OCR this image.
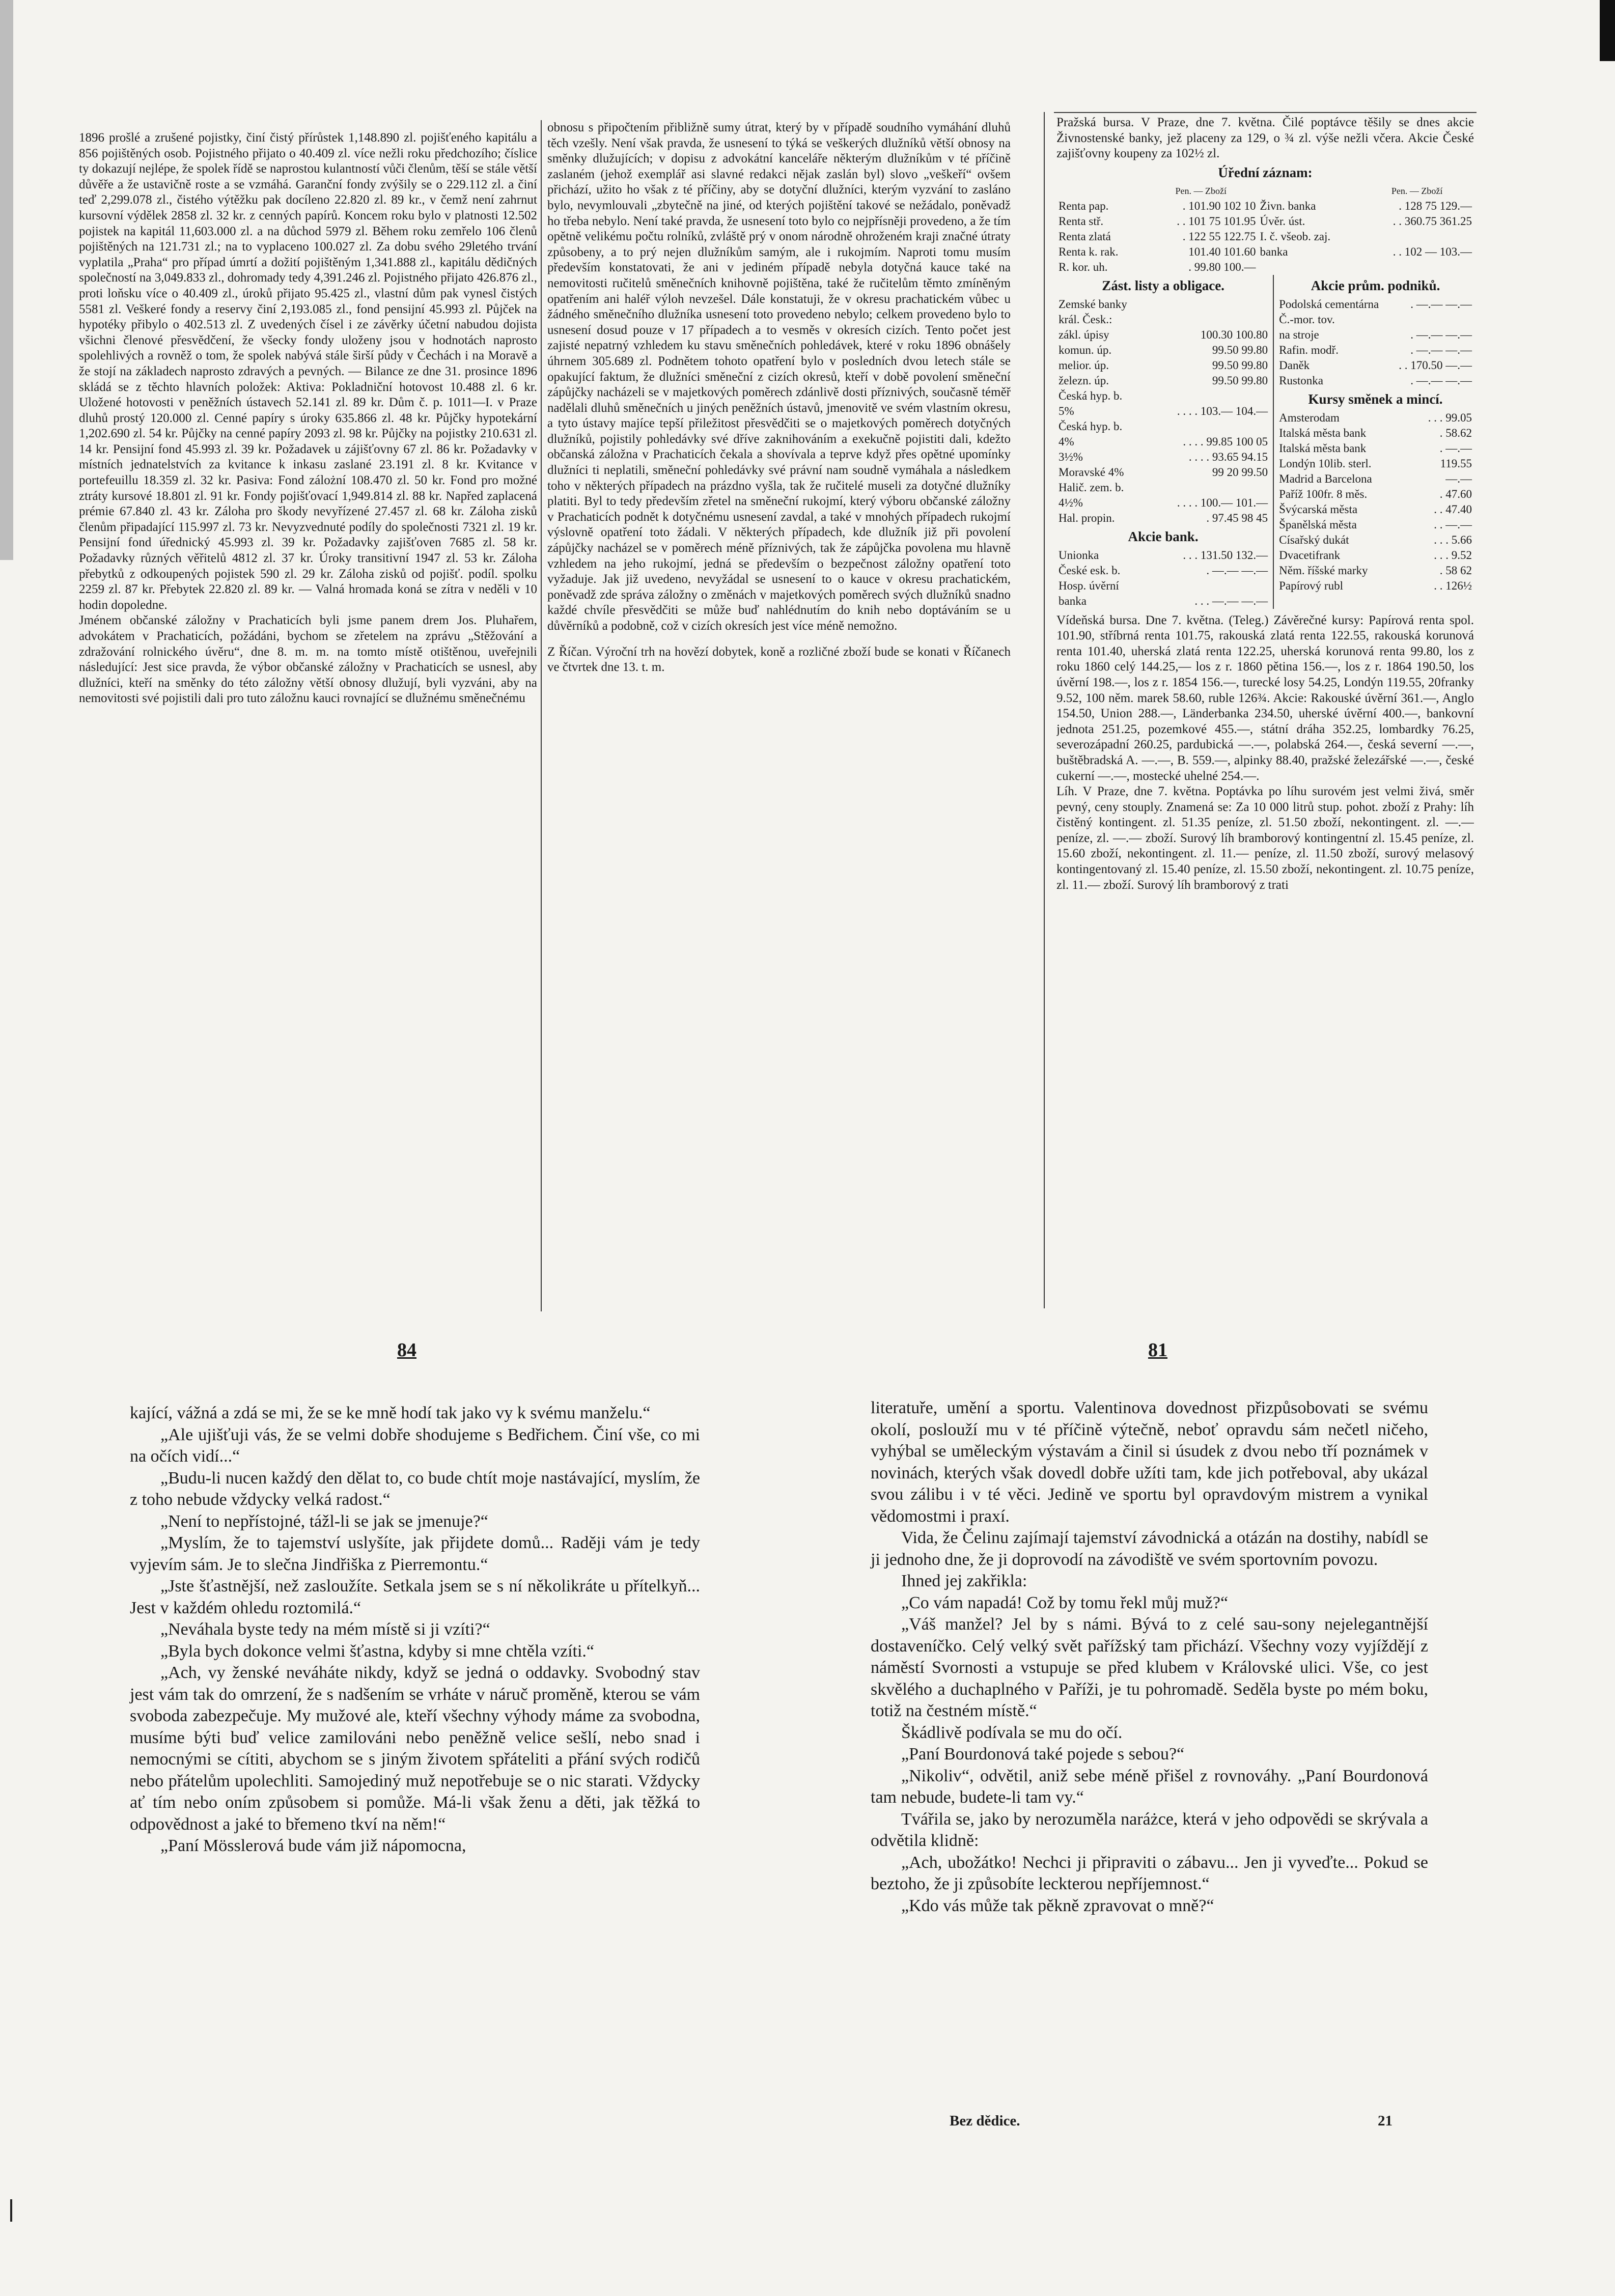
1896 prošlé a zrušené pojistky, činí čistý přírůstek 1,148.890 zl. pojišťeného kapitálu a 856 pojištěných osob. Pojistného přijato o 40.409 zl. více nežli roku předchozího; číslice ty dokazují nejlépe, že spolek řídě se naprostou kulantností vůči členům, těší se stále větší důvěře a že ustavičně roste a se vzmáhá. Garanční fondy zvýšily se o 229.112 zl. a činí teď 2,299.078 zl., čistého výtěžku pak docíleno 22.820 zl. 89 kr., v čemž není zahrnut kursovní výdělek 2858 zl. 32 kr. z cenných papírů. Koncem roku bylo v platnosti 12.502 pojistek na kapitál 11,603.000 zl. a na důchod 5979 zl. Během roku zemřelo 106 členů pojištěných na 121.731 zl.; na to vyplaceno 100.027 zl. Za dobu svého 29letého trvání vyplatila „Praha“ pro případ úmrtí a dožití pojištěným 1,341.888 zl., kapitálu dědičných společností na 3,049.833 zl., dohromady tedy 4,391.246 zl. Pojistného přijato 426.876 zl., proti loňsku více o 40.409 zl., úroků přijato 95.425 zl., vlastní dům pak vynesl čistých 5581 zl. Veškeré fondy a reservy činí 2,193.085 zl., fond pensijní 45.993 zl. Půjček na hypotéky přibylo o 402.513 zl. Z uvedených čísel i ze závěrky účetní nabudou dojista všichni členové přesvědčení, že všecky fondy uloženy jsou v hodnotách naprosto spolehlivých a rovněž o tom, že spolek nabývá stále širší půdy v Čechách i na Moravě a že stojí na základech naprosto zdravých a pevných. — Bilance ze dne 31. prosince 1896 skládá se z těchto hlavních položek: Aktiva: Pokladniční hotovost 10.488 zl. 6 kr. Uložené hotovosti v peněžních ústavech 52.141 zl. 89 kr. Dům č. p. 1011—I. v Praze dluhů prostý 120.000 zl. Cenné papíry s úroky 635.866 zl. 48 kr. Půjčky hypotekární 1,202.690 zl. 54 kr. Půjčky na cenné papíry 2093 zl. 98 kr. Půjčky na pojistky 210.631 zl. 14 kr. Pensijní fond 45.993 zl. 39 kr. Požadavek u zájišťovny 67 zl. 86 kr. Požadavky v místních jednatelstvích za kvitance k inkasu zaslané 23.191 zl. 8 kr. Kvitance v portefeuillu 18.359 zl. 32 kr. Pasiva: Fond zálożní 108.470 zl. 50 kr. Fond pro možné ztráty kursové 18.801 zl. 91 kr. Fondy pojišťovací 1,949.814 zl. 88 kr. Napřed zaplacená prémie 67.840 zl. 43 kr. Záloha pro škody nevyřízené 27.457 zl. 68 kr. Záloha zisků členům připadající 115.997 zl. 73 kr. Nevyzvednuté podíly do společnosti 7321 zl. 19 kr. Pensijní fond úřednický 45.993 zl. 39 kr. Požadavky zajišťoven 7685 zl. 58 kr. Požadavky různých věřitelů 4812 zl. 37 kr. Úroky transitivní 1947 zl. 53 kr. Záloha přebytků z odkoupených pojistek 590 zl. 29 kr. Záloha zisků od pojišť. podíl. spolku 2259 zl. 87 kr. Přebytek 22.820 zl. 89 kr. — Valná hromada koná se zítra v neděli v 10 hodin dopoledne.

Jménem občanské záložny v Prachaticích byli jsme panem drem Jos. Pluhařem, advokátem v Prachaticích, požádáni, bychom se zřetelem na zprávu „Stěžování a zdražování rolnického úvěru“, dne 8. m. m. na tomto místě otištěnou, uveřejnili následující: Jest sice pravda, že výbor občanské záložny v Prachaticích se usnesl, aby dlužníci, kteří na směnky do této záložny větší obnosy dlužují, byli vyzváni, aby na nemovitosti své pojistili dali pro tuto záložnu kauci rovnající se dlužnému směnečnému

obnosu s připočtením přibližně sumy útrat, který by v případě soudního vymáhání dluhů těch vzešly. Není však pravda, že usnesení to týká se veškerých dlužníků větší obnosy na směnky dlužujících; v dopisu z advokátní kanceláře některým dlužníkům v té příčině zaslaném (jehož exemplář asi slavné redakci nějak zaslán byl) slovo „veškeří“ ovšem přichází, užito ho však z té příčiny, aby se dotyční dlužníci, kterým vyzvání to zasláno bylo, nevymlouvali „zbytečně na jiné, od kterých pojištění takové se nežádalo, poněvadž ho třeba nebylo. Není také pravda, že usnesení toto bylo co nejpřísněji provedeno, a že tím opětně velikému počtu rolníků, zvláště prý v onom národně ohroženém kraji značné útraty způsobeny, a to prý nejen dlužníkům samým, ale i rukojmím. Naproti tomu musím především konstatovati, že ani v jediném případě nebyla dotyčná kauce také na nemovitosti ručitelů směnečních knihovně pojištěna, také že ručitelům těmto zmíněným opatřením ani haléř výloh nevzešel. Dále konstatuji, že v okresu prachatickém vůbec u žádného směnečního dlužníka usnesení toto provedeno nebylo; celkem provedeno bylo to usnesení dosud pouze v 17 případech a to vesměs v okresích cizích. Tento počet jest zajisté nepatrný vzhledem ku stavu směnečních pohledávek, které v roku 1896 obnášely úhrnem 305.689 zl. Podnětem tohoto opatření bylo v posledních dvou letech stále se opakující faktum, že dlužníci směneční z cizích okresů, kteří v době povolení směneční zápůjčky nacházeli se v majetkových poměrech zdánlivě dosti příznivých, současně téměř nadělali dluhů směnečních u jiných peněžních ústavů, jmenovitě ve svém vlastním okresu, a tyto ústavy majíce tepší přiležitost přesvědčiti se o majetkových poměrech dotyčných dlužníků, pojistily pohledávky své dříve zaknihováním a exekučně pojistiti dali, kdežto občanská záložna v Prachaticích čekala a shovívala a teprve když přes opětné upomínky dlužníci ti neplatili, směneční pohledávky své právní nam soudně vymáhala a následkem toho v některých případech na prázdno vyšla, tak že ručitelé museli za dotyčné dlužníky platiti. Byl to tedy především zřetel na směneční rukojmí, který výboru občanské záložny v Prachaticích podnět k dotyčnému usnesení zavdal, a také v mnohých případech rukojmí výslovně opatření toto žádali. V některých případech, kde dlužník již při povolení zápůjčky nacházel se v poměrech méně příznivých, tak že zápůjčka povolena mu hlavně vzhledem na jeho rukojmí, jedná se především o bezpečnost záložny opatření toto vyžaduje. Jak již uvedeno, nevyžádal se usnesení to o kauce v okresu prachatickém, poněvadž zde správa záložny o změnách v majetkových poměrech svých dlužníků snadno každé chvíle přesvědčiti se může buď nahlédnutím do knih nebo doptáváním se u důvěrníků a podobně, což v cizích okresích jest více méně nemožno.

Z Říčan. Výroční trh na hovězí dobytek, koně a rozličné zboží bude se konati v Říčanech ve čtvrtek dne 13. t. m.

Pražská bursa. V Praze, dne 7. května. Čilé poptávce těšily se dnes akcie Živnostenské banky, jež placeny za 129, o ¾ zl. výše nežli včera. Akcie České zajišťovny koupeny za 102½ zl.

Úřední záznam:
	Pen. — Zboží		Pen. — Zboží
Renta pap.	. 101.90 102 10	Živn. banka	. 128 75 129.—
Renta stř.	. . 101 75 101.95	Úvěr. úst.	. . 360.75 361.25
Renta zlatá	. 122 55 122.75	I. č. všeob. zaj.	
Renta k. rak.	101.40 101.60	banka	. . 102 — 103.—
R. kor. uh.	. 99.80 100.—		
Zást. listy a obligace.
Zemské banky	
král. Česk.:	
zákl. úpisy	100.30 100.80
komun. úp.	99.50 99.80
melior. úp.	99.50 99.80
železn. úp.	99.50 99.80
Česká hyp. b.	
5%	. . . . 103.— 104.—
Česká hyp. b.	
4%	. . . . 99.85 100 05
3½%	. . . . 93.65 94.15
Moravské 4%	99 20 99.50
Halič. zem. b.	
4½%	. . . . 100.— 101.—
Hal. propin.	. 97.45 98 45
Akcie bank.
Unionka	. . . 131.50 132.—
České esk. b.	. —.— —.—
Hosp. úvěrní	
banka	. . . —.— —.—
Akcie prům. podniků.
Podolská cementárna	. —.— —.—
Č.-mor. tov.	
na stroje	. —.— —.—
Rafin. modř.	. —.— —.—
Daněk	. . 170.50 —.—
Rustonka	. —.— —.—
Kursy směnek a mincí.
Amsterodam	. . . 99.05
Italská města bank	. 58.62
Italská města bank	. —.—
Londýn 10lib. sterl.	119.55
Madrid a Barcelona	—.—
Paříž 100fr. 8 měs.	. 47.60
Švýcarská města	. . 47.40
Španělská města	. . —.—
Císařský dukát	. . . 5.66
Dvacetifrank	. . . 9.52
Něm. říšské marky	. 58 62
Papírový rubl	. . 126½

Vídeňská bursa. Dne 7. května. (Teleg.) Závěrečné kursy: Papírová renta spol. 101.90, stříbrná renta 101.75, rakouská zlatá renta 122.55, rakouská korunová renta 101.40, uherská zlatá renta 122.25, uherská korunová renta 99.80, los z roku 1860 celý 144.25,— los z r. 1860 pětina 156.—, los z r. 1864 190.50, los úvěrní 198.—, los z r. 1854 156.—, turecké losy 54.25, Londýn 119.55, 20franky 9.52, 100 něm. marek 58.60, ruble 126¾. Akcie: Rakouské úvěrní 361.—, Anglo 154.50, Union 288.—, Länderbanka 234.50, uherské úvěrní 400.—, bankovní jednota 251.25, pozemkové 455.—, státní dráha 352.25, lombardky 76.25, severozápadní 260.25, pardubická —.—, polabská 264.—, česká severní —.—, buštěbradská A. —.—, B. 559.—, alpinky 88.40, pražské železářské —.—, české cukerní —.—, mostecké uhelné 254.—.

Líh. V Praze, dne 7. května. Poptávka po líhu surovém jest velmi živá, směr pevný, ceny stouply. Znamená se: Za 10 000 litrů stup. pohot. zboží z Prahy: líh čistěný kontingent. zl. 51.35 peníze, zl. 51.50 zboží, nekontingent. zl. —.— peníze, zl. —.— zboží. Surový líh bramborový kontingentní zl. 15.45 peníze, zl. 15.60 zboží, nekontingent. zl. 11.— peníze, zl. 11.50 zboží, surový melasový kontingentovaný zl. 15.40 peníze, zl. 15.50 zboží, nekontingent. zl. 10.75 peníze, zl. 11.— zboží. Surový líh bramborový z trati

84	81

kající, vážná a zdá se mi, že se ke mně hodí tak jako vy k svému manželu.“

„Ale ujišťuji vás, že se velmi dobře shodujeme s Bedřichem. Činí vše, co mi na očích vidí...“

„Budu-li nucen každý den dělat to, co bude chtít moje nastávající, myslím, že z toho nebude vždycky velká radost.“

„Není to nepřístojné, tážl-li se jak se jmenuje?“

„Myslím, že to tajemství uslyšíte, jak přijdete domů... Raději vám je tedy vyjevím sám. Je to slečna Jindřiška z Pierremontu.“

„Jste šťastnější, než zasloužíte. Setkala jsem se s ní několikráte u přítelkyň... Jest v každém ohledu roztomilá.“

„Neváhala byste tedy na mém místě si ji vzíti?“

„Byla bych dokonce velmi šťastna, kdyby si mne chtěla vzíti.“

„Ach, vy ženské neváháte nikdy, když se jedná o oddavky. Svobodný stav jest vám tak do omrzení, že s nadšením se vrháte v náruč proměně, kterou se vám svoboda zabezpečuje. My mužové ale, kteří všechny výhody máme za svobodna, musíme býti buď velice zamilováni nebo peněžně velice sešlí, nebo snad i nemocnými se cítiti, abychom se s jiným životem spřáteliti a přání svých rodičů nebo přátelům upolechliti. Samojediný muž nepotřebuje se o nic starati. Vždycky ať tím nebo oním způsobem si pomůže. Má-li však ženu a děti, jak těžká to odpovědnost a jaké to břemeno tkví na něm!“

„Paní Mösslerová bude vám již nápomocna,

literatuře, umění a sportu. Valentinova dovednost přizpůsobovati se svému okolí, poslouží mu v té příčině výtečně, neboť opravdu sám nečetl ničeho, vyhýbal se uměleckým výstavám a činil si úsudek z dvou nebo tří poznámek v novinách, kterých však dovedl dobře užíti tam, kde jich potřeboval, aby ukázal svou zálibu i v té věci. Jedině ve sportu byl opravdovým mistrem a vynikal vědomostmi i praxí.

Vida, že Čelinu zajímají tajemství závodnická a otázán na dostihy, nabídl se ji jednoho dne, že ji doprovodí na závodiště ve svém sportovním povozu.

Ihned jej zakřikla:

„Co vám napadá! Což by tomu řekl můj muž?“

„Váš manžel? Jel by s námi. Bývá to z celé sau-sony nejelegantnější dostaveníčko. Celý velký svět pařížský tam přichází. Všechny vozy vyjíždějí z náměstí Svornosti a vstupuje se před klubem v Královské ulici. Vše, co jest skvělého a duchaplného v Paříži, je tu pohromadě. Sedělа byste po mém boku, totiž na čestném místě.“

Škádlivě podívala se mu do očí.

„Paní Bourdonová také pojede s sebou?“

„Nikoliv“, odvětil, aniž sebe méně přišel z rovnováhy. „Paní Bourdonová tam nebude, budete-li tam vy.“

Tvářila se, jako by nerozuměla naráżce, která v jeho odpovědi se skrývala a odvětila klidně:

„Ach, ubožátko! Nechci ji připraviti o zábavu... Jen ji vyveďte... Pokud se beztoho, že ji způsobíte leckterou nepříjemnost.“

„Kdo vás může tak pěkně zpravovat o mně?“

Bez dědice.	21
